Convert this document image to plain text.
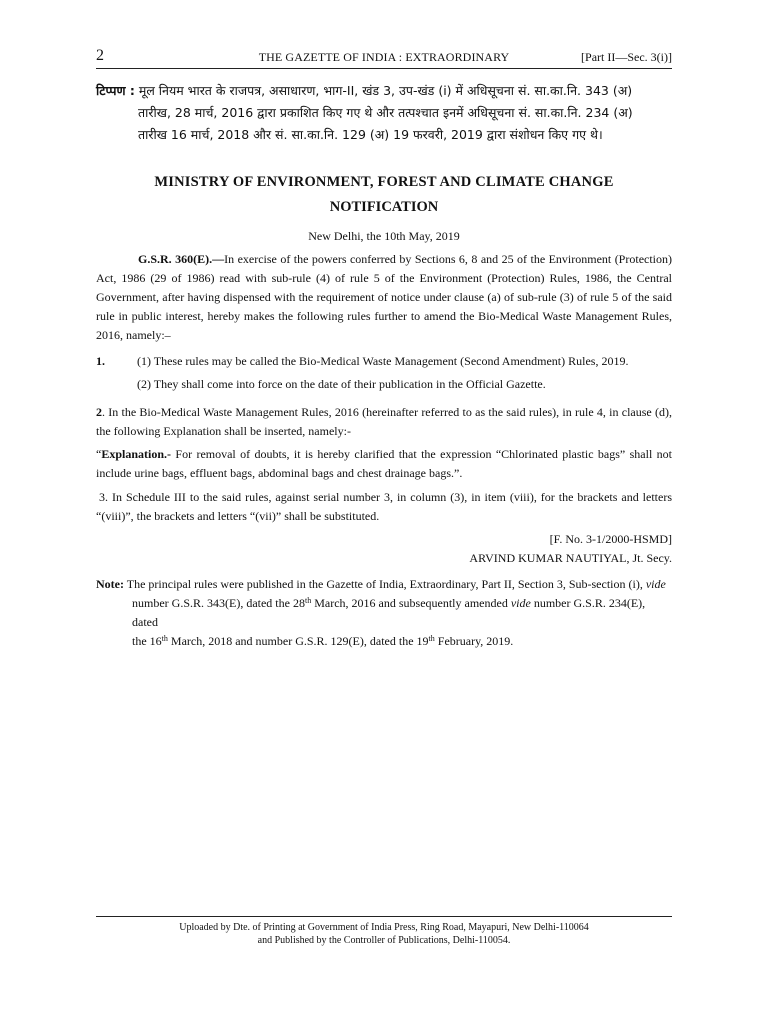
2	THE GAZETTE OF INDIA : EXTRAORDINARY	[Part II—Sec. 3(i)]
टिप्पण : मूल नियम भारत के राजपत्र, असाधारण, भाग-II, खंड 3, उप-खंड (i) में अधिसूचना सं. सा.का.नि. 343 (अ)
तारीख, 28 मार्च, 2016 द्वारा प्रकाशित किए गए थे और तत्पश्चात इनमें अधिसूचना सं. सा.का.नि. 234 (अ)
तारीख 16 मार्च, 2018 और सं. सा.का.नि. 129 (अ) 19 फरवरी, 2019 द्वारा संशोधन किए गए थे।
MINISTRY OF ENVIRONMENT, FOREST AND CLIMATE CHANGE
NOTIFICATION
New Delhi, the 10th May, 2019
G.S.R. 360(E).—In exercise of the powers conferred by Sections 6, 8 and 25 of the Environment (Protection) Act, 1986 (29 of 1986) read with sub-rule (4) of rule 5 of the Environment (Protection) Rules, 1986, the Central Government, after having dispensed with the requirement of notice under clause (a) of sub-rule (3) of rule 5 of the said rule in public interest, hereby makes the following rules further to amend the Bio-Medical Waste Management Rules, 2016, namely:–
1.	(1) These rules may be called the Bio-Medical Waste Management (Second Amendment) Rules, 2019.
(2) They shall come into force on the date of their publication in the Official Gazette.
2. In the Bio-Medical Waste Management Rules, 2016 (hereinafter referred to as the said rules), in rule 4, in clause (d), the following Explanation shall be inserted, namely:-
“Explanation.- For removal of doubts, it is hereby clarified that the expression “Chlorinated plastic bags” shall not include urine bags, effluent bags, abdominal bags and chest drainage bags.”.
3. In Schedule III to the said rules, against serial number 3, in column (3), in item (viii), for the brackets and letters “(viii)”, the brackets and letters “(vii)” shall be substituted.
[F. No. 3-1/2000-HSMD]
ARVIND KUMAR NAUTIYAL, Jt. Secy.
Note: The principal rules were published in the Gazette of India, Extraordinary, Part II, Section 3, Sub-section (i), vide
number G.S.R. 343(E), dated the 28th March, 2016 and subsequently amended vide number G.S.R. 234(E), dated
the 16th March, 2018 and number G.S.R. 129(E), dated the 19th February, 2019.
Uploaded by Dte. of Printing at Government of India Press, Ring Road, Mayapuri, New Delhi-110064
and Published by the Controller of Publications, Delhi-110054.
